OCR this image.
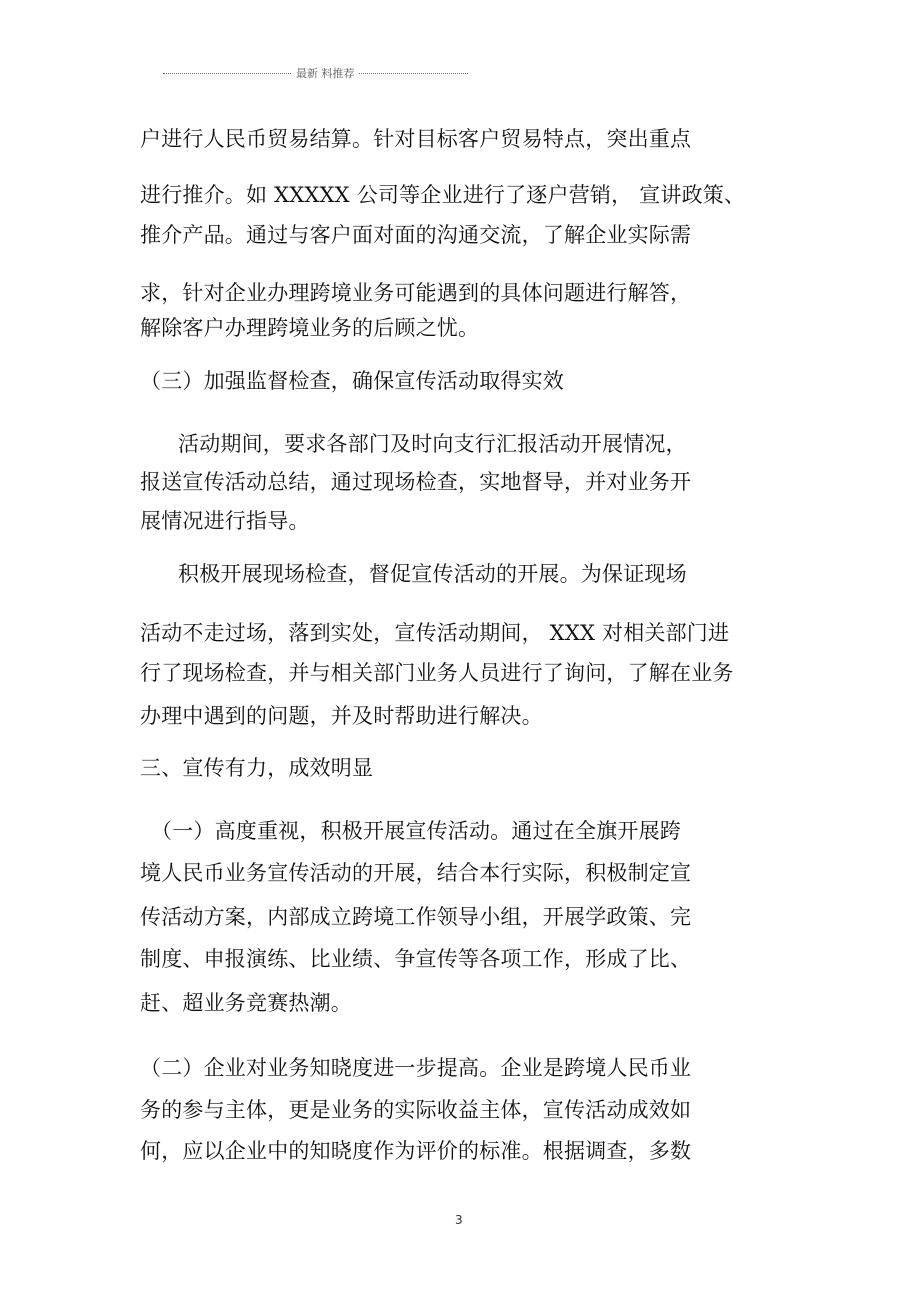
最新 料推荐
户进行人民币贸易结算。针对目标客户贸易特点，突出重点
进行推介。如 XXXXX 公司等企业进行了逐户营销， 宣讲政策、
推介产品。通过与客户面对面的沟通交流，了解企业实际需
求，针对企业办理跨境业务可能遇到的具体问题进行解答，
解除客户办理跨境业务的后顾之忧。
（三）加强监督检查，确保宣传活动取得实效
活动期间，要求各部门及时向支行汇报活动开展情况，
报送宣传活动总结，通过现场检查，实地督导，并对业务开
展情况进行指导。
积极开展现场检查，督促宣传活动的开展。为保证现场
活动不走过场，落到实处，宣传活动期间， XXX 对相关部门进
行了现场检查，并与相关部门业务人员进行了询问，了解在业务
办理中遇到的问题，并及时帮助进行解决。
三、宣传有力，成效明显
（一）高度重视，积极开展宣传活动。通过在全旗开展跨
境人民币业务宣传活动的开展，结合本行实际，积极制定宣
传活动方案，内部成立跨境工作领导小组，开展学政策、完
制度、申报演练、比业绩、争宣传等各项工作，形成了比、
赶、超业务竞赛热潮。
（二）企业对业务知晓度进一步提高。企业是跨境人民币业
务的参与主体，更是业务的实际收益主体，宣传活动成效如
何，应以企业中的知晓度作为评价的标准。根据调查，多数
3
